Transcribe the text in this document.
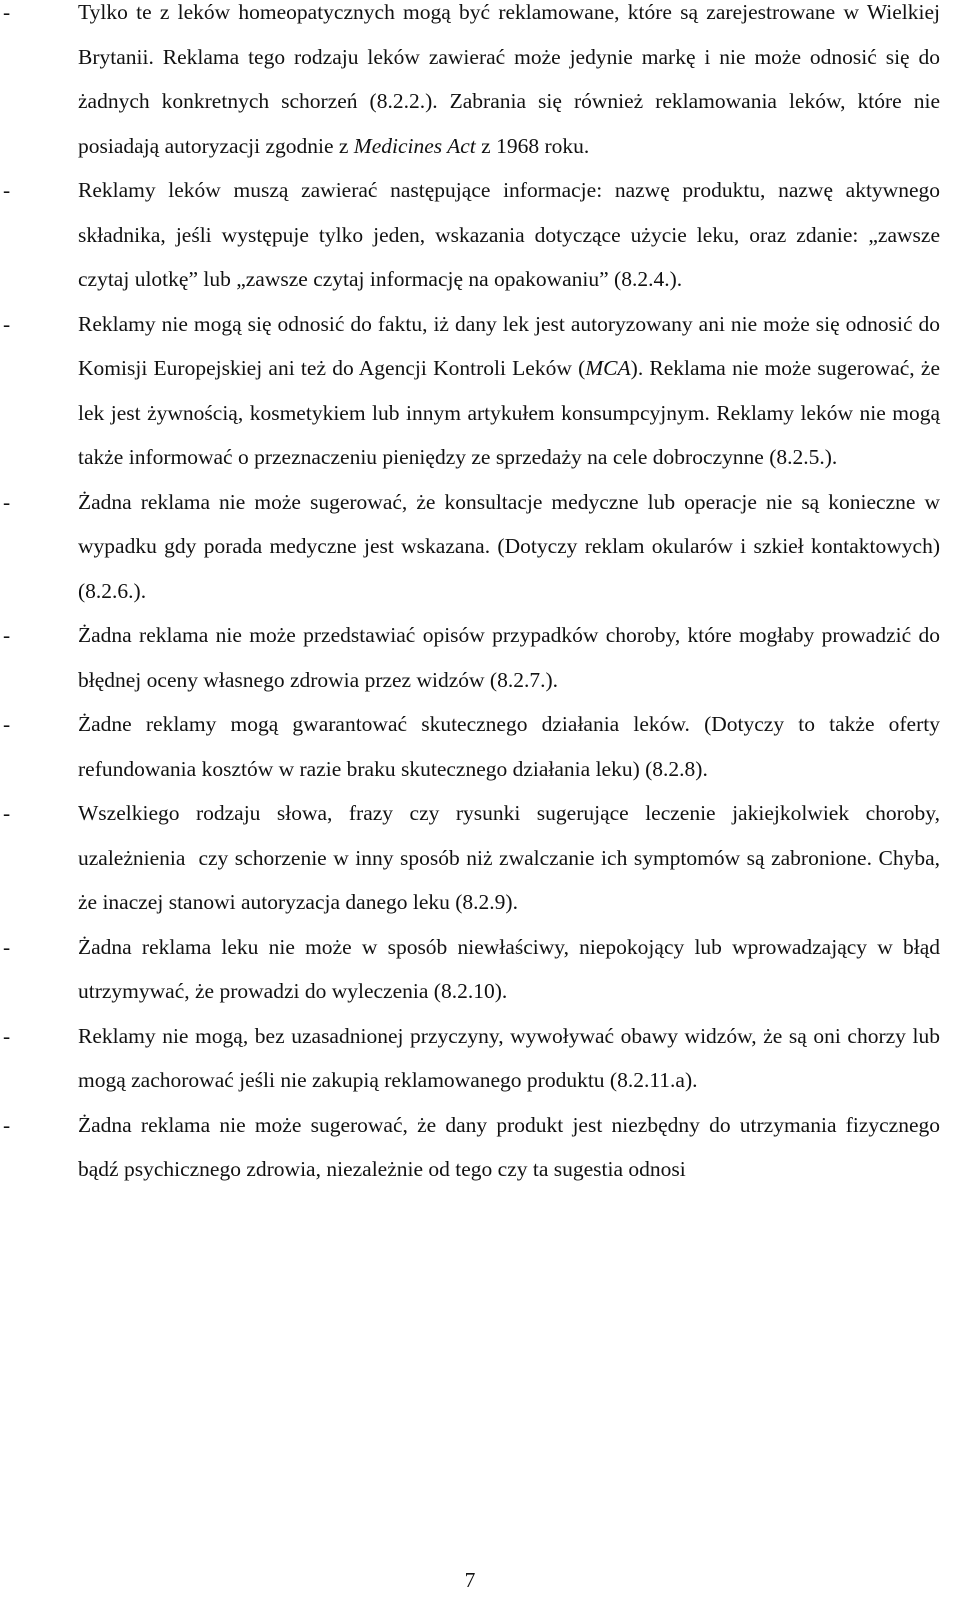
-	Tylko te z leków homeopatycznych mogą być reklamowane, które są zarejestrowane w Wielkiej Brytanii. Reklama tego rodzaju leków zawierać może jedynie markę i nie może odnosić się do żadnych konkretnych schorzeń (8.2.2.). Zabrania się również reklamowania leków, które nie posiadają autoryzacji zgodnie z Medicines Act z 1968 roku.

-	Reklamy leków muszą zawierać następujące informacje: nazwę produktu, nazwę aktywnego składnika, jeśli występuje tylko jeden, wskazania dotyczące użycie leku, oraz zdanie: „zawsze czytaj ulotkę” lub „zawsze czytaj informację na opakowaniu” (8.2.4.).

-	Reklamy nie mogą się odnosić do faktu, iż dany lek jest autoryzowany ani nie może się odnosić do Komisji Europejskiej ani też do Agencji Kontroli Leków (MCA). Reklama nie może sugerować, że lek jest żywnością, kosmetykiem lub innym artykułem konsumpcyjnym. Reklamy leków nie mogą także informować o przeznaczeniu pieniędzy ze sprzedaży na cele dobroczynne (8.2.5.).

-	Żadna reklama nie może sugerować, że konsultacje medyczne lub operacje nie są konieczne w wypadku gdy porada medyczne jest wskazana. (Dotyczy reklam okularów i szkieł kontaktowych) (8.2.6.).

-	Żadna reklama nie może przedstawiać opisów przypadków choroby, które mogłaby prowadzić do błędnej oceny własnego zdrowia przez widzów (8.2.7.).

-	Żadne reklamy mogą gwarantować skutecznego działania leków. (Dotyczy to także oferty refundowania kosztów w razie braku skutecznego działania leku) (8.2.8).

-	Wszelkiego rodzaju słowa, frazy czy rysunki sugerujące leczenie jakiejkolwiek choroby, uzależnienia  czy schorzenie w inny sposób niż zwalczanie ich symptomów są zabronione. Chyba, że inaczej stanowi autoryzacja danego leku (8.2.9).

-	Żadna reklama leku nie może w sposób niewłaściwy, niepokojący lub wprowadzający w błąd utrzymywać, że prowadzi do wyleczenia (8.2.10).

-	Reklamy nie mogą, bez uzasadnionej przyczyny, wywoływać obawy widzów, że są oni chorzy lub mogą zachorować jeśli nie zakupią reklamowanego produktu (8.2.11.a).

-	Żadna reklama nie może sugerować, że dany produkt jest niezbędny do utrzymania fizycznego bądź psychicznego zdrowia, niezależnie od tego czy ta sugestia odnosi

7
